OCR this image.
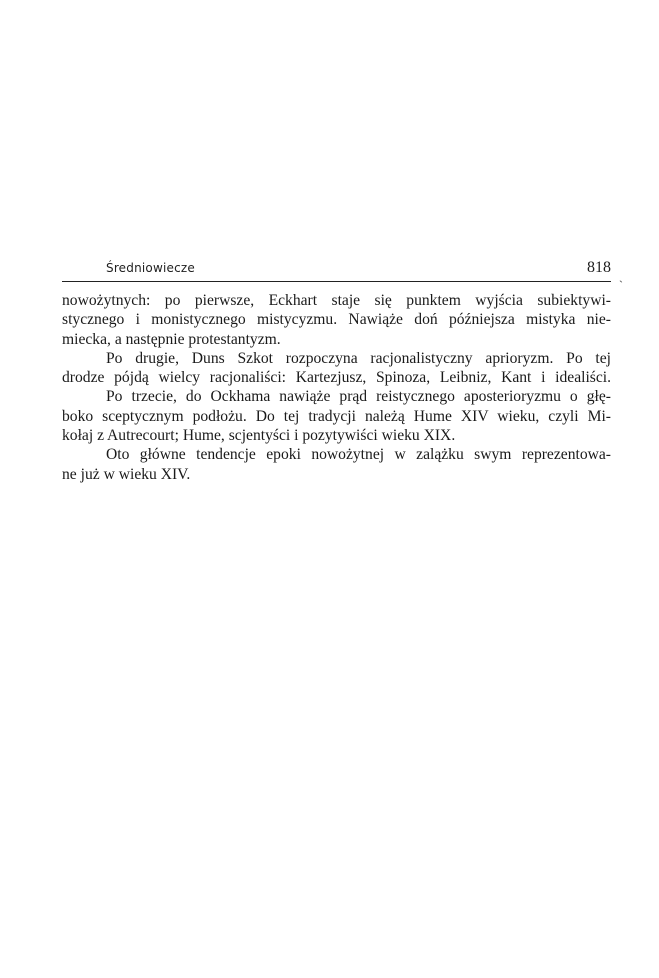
Średniowiecze	818
`
nowożytnych: po pierwsze, Eckhart staje się punktem wyjścia subiektywi-
stycznego i monistycznego mistycyzmu. Nawiąże doń późniejsza mistyka nie-
miecka, a następnie protestantyzm.
Po drugie, Duns Szkot rozpoczyna racjonalistyczny aprioryzm. Po tej
drodze pójdą wielcy racjonaliści: Kartezjusz, Spinoza, Leibniz, Kant i idealiści.
Po trzecie, do Ockhama nawiąże prąd reistycznego aposterioryzmu o głę-
boko sceptycznym podłożu. Do tej tradycji należą Hume XIV wieku, czyli Mi-
kołaj z Autrecourt; Hume, scjentyści i pozytywiści wieku XIX.
Oto główne tendencje epoki nowożytnej w zalążku swym reprezentowa-
ne już w wieku XIV.
